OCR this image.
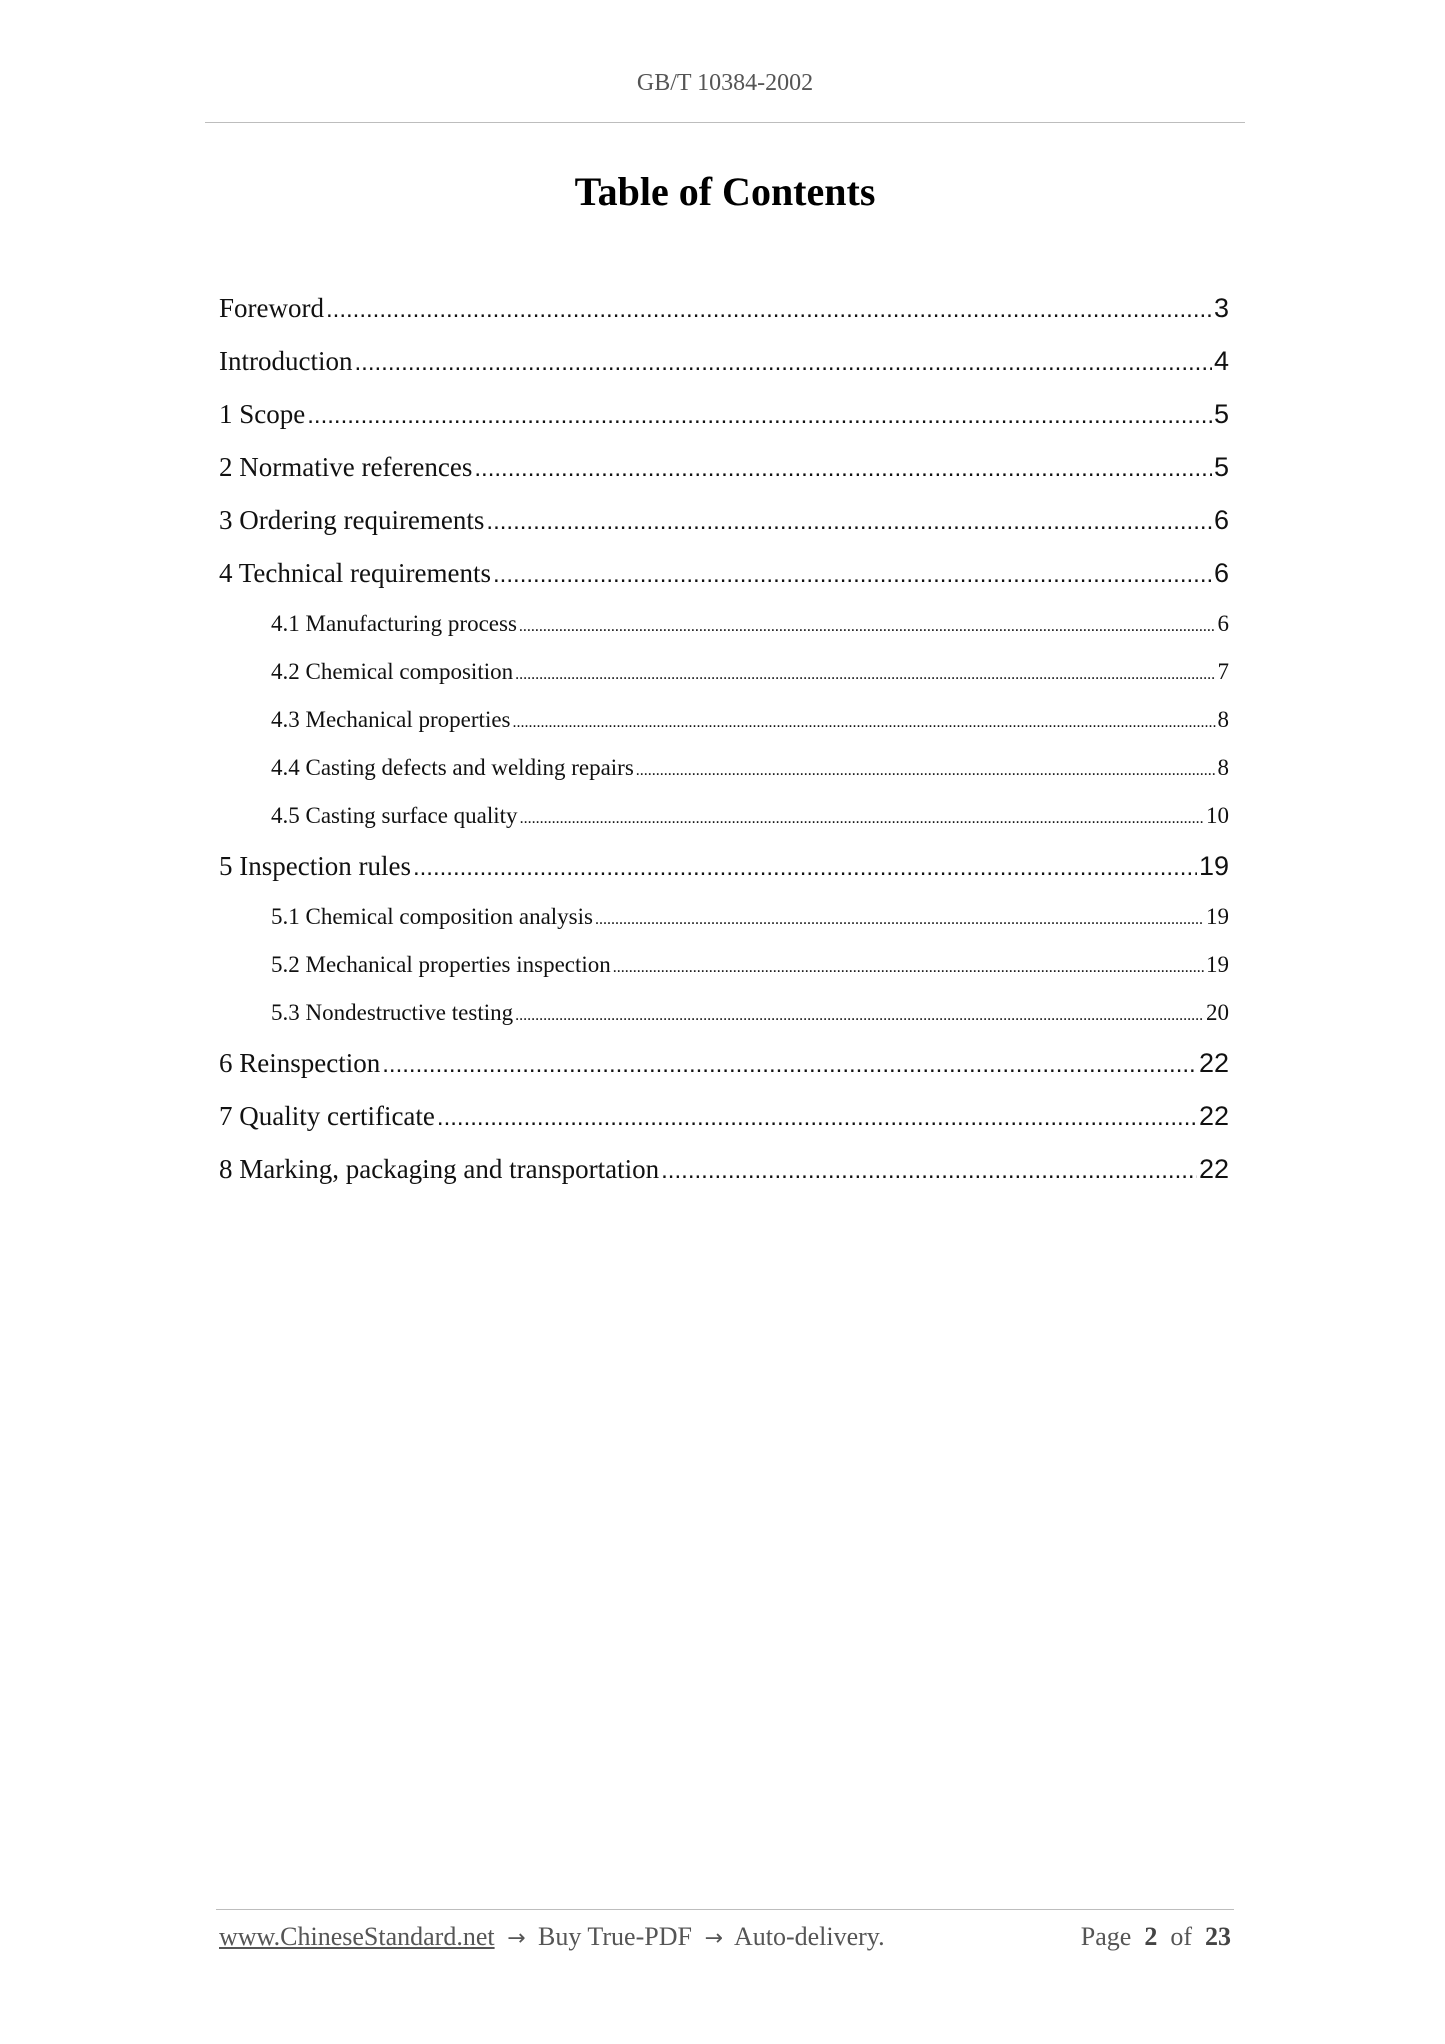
GB/T 10384-2002
Table of Contents
Foreword .....	3
Introduction .....	4
1 Scope .....	5
2 Normative references .....	5
3 Ordering requirements .....	6
4 Technical requirements .....	6
4.1 Manufacturing process .....	6
4.2 Chemical composition .....	7
4.3 Mechanical properties .....	8
4.4 Casting defects and welding repairs .....	8
4.5 Casting surface quality .....	10
5 Inspection rules .....	19
5.1 Chemical composition analysis .....	19
5.2 Mechanical properties inspection .....	19
5.3 Nondestructive testing .....	20
6 Reinspection .....	22
7 Quality certificate .....	22
8 Marking, packaging and transportation .....	22
www.ChineseStandard.net → Buy True-PDF → Auto-delivery.	Page 2 of 23
